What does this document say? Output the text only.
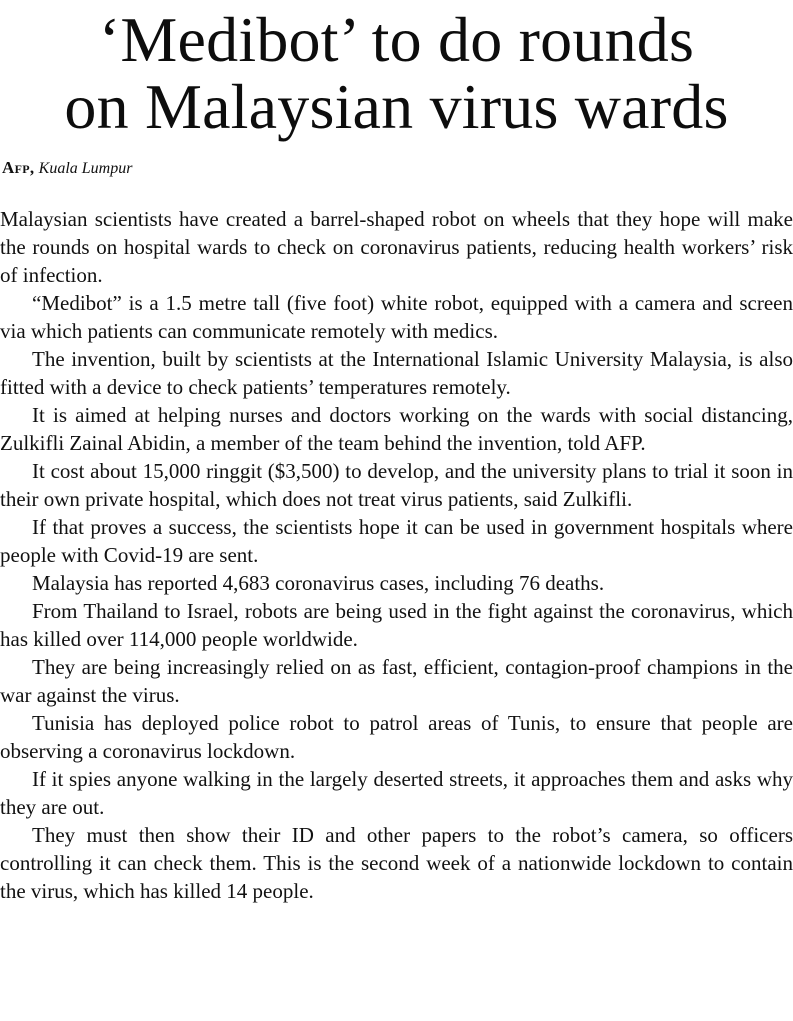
‘Medibot’ to do rounds
on Malaysian virus wards
Afp, Kuala Lumpur

Malaysian scientists have created a barrel-shaped robot on wheels that they hope will make the rounds on hospital wards to check on coronavirus patients, reducing health workers’ risk of infection.

“Medibot” is a 1.5 metre tall (five foot) white robot, equipped with a camera and screen via which patients can communicate remotely with medics.

The invention, built by scientists at the International Islamic University Malaysia, is also fitted with a device to check patients’ temperatures remotely.

It is aimed at helping nurses and doctors working on the wards with social distancing, Zulkifli Zainal Abidin, a member of the team behind the invention, told AFP.

It cost about 15,000 ringgit ($3,500) to develop, and the university plans to trial it soon in their own private hospital, which does not treat virus patients, said Zulkifli.

If that proves a success, the scientists hope it can be used in government hospitals where people with Covid-19 are sent.

Malaysia has reported 4,683 coronavirus cases, including 76 deaths.

From Thailand to Israel, robots are being used in the fight against the coronavirus, which has killed over 114,000 people worldwide.

They are being increasingly relied on as fast, efficient, contagion-proof champions in the war against the virus.

Tunisia has deployed police robot to patrol areas of Tunis, to ensure that people are observing a coronavirus lockdown.

If it spies anyone walking in the largely deserted streets, it approaches them and asks why they are out.

They must then show their ID and other papers to the robot’s camera, so officers controlling it can check them. This is the second week of a nationwide lockdown to contain the virus, which has killed 14 people.
